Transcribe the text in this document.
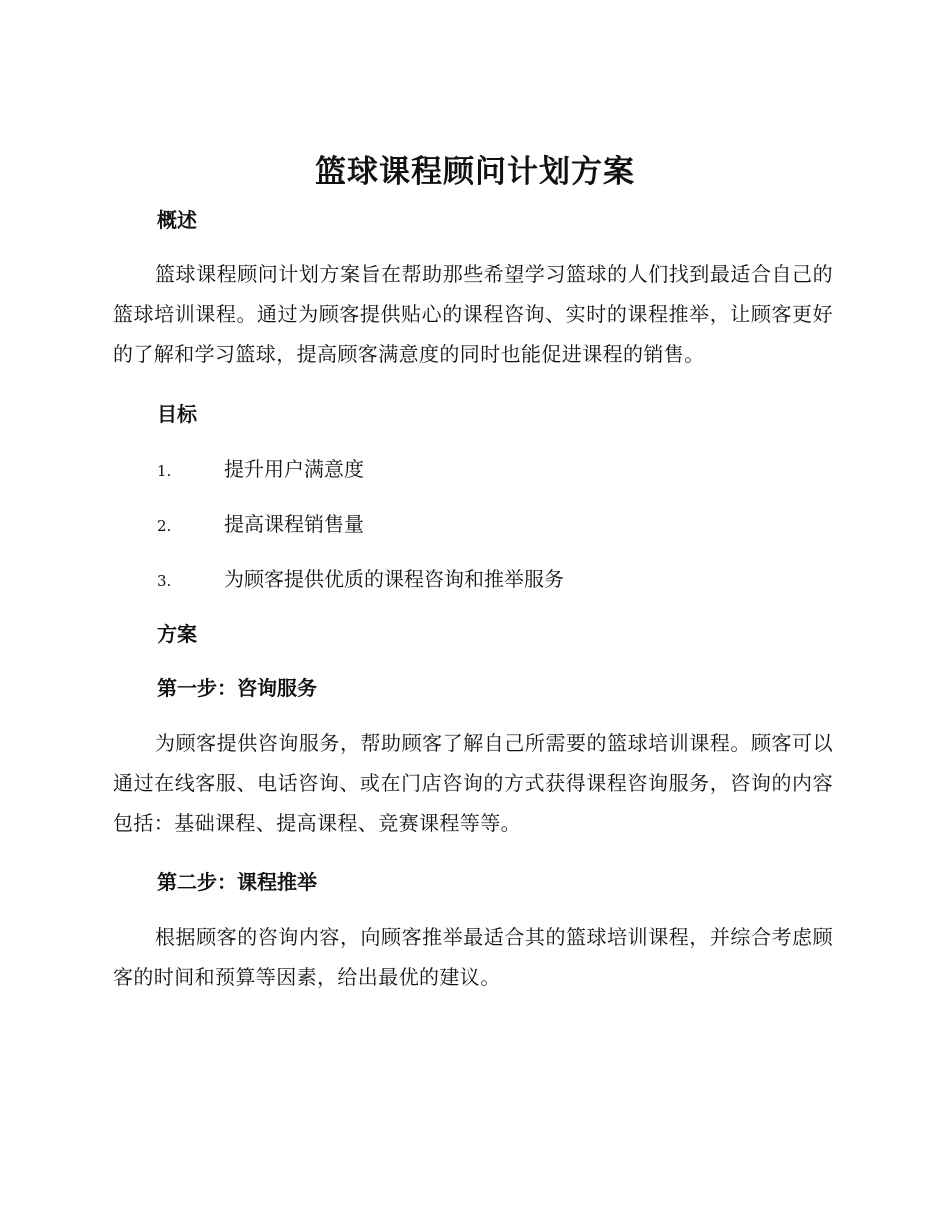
篮球课程顾问计划方案
概述
篮球课程顾问计划方案旨在帮助那些希望学习篮球的人们找到最适合自己的篮球培训课程。通过为顾客提供贴心的课程咨询、实时的课程推举，让顾客更好的了解和学习篮球，提高顾客满意度的同时也能促进课程的销售。
目标
1.	提升用户满意度
2.	提高课程销售量
3.	为顾客提供优质的课程咨询和推举服务
方案
第一步：咨询服务
为顾客提供咨询服务，帮助顾客了解自己所需要的篮球培训课程。顾客可以通过在线客服、电话咨询、或在门店咨询的方式获得课程咨询服务，咨询的内容包括：基础课程、提高课程、竞赛课程等等。
第二步：课程推举
根据顾客的咨询内容，向顾客推举最适合其的篮球培训课程，并综合考虑顾客的时间和预算等因素，给出最优的建议。
